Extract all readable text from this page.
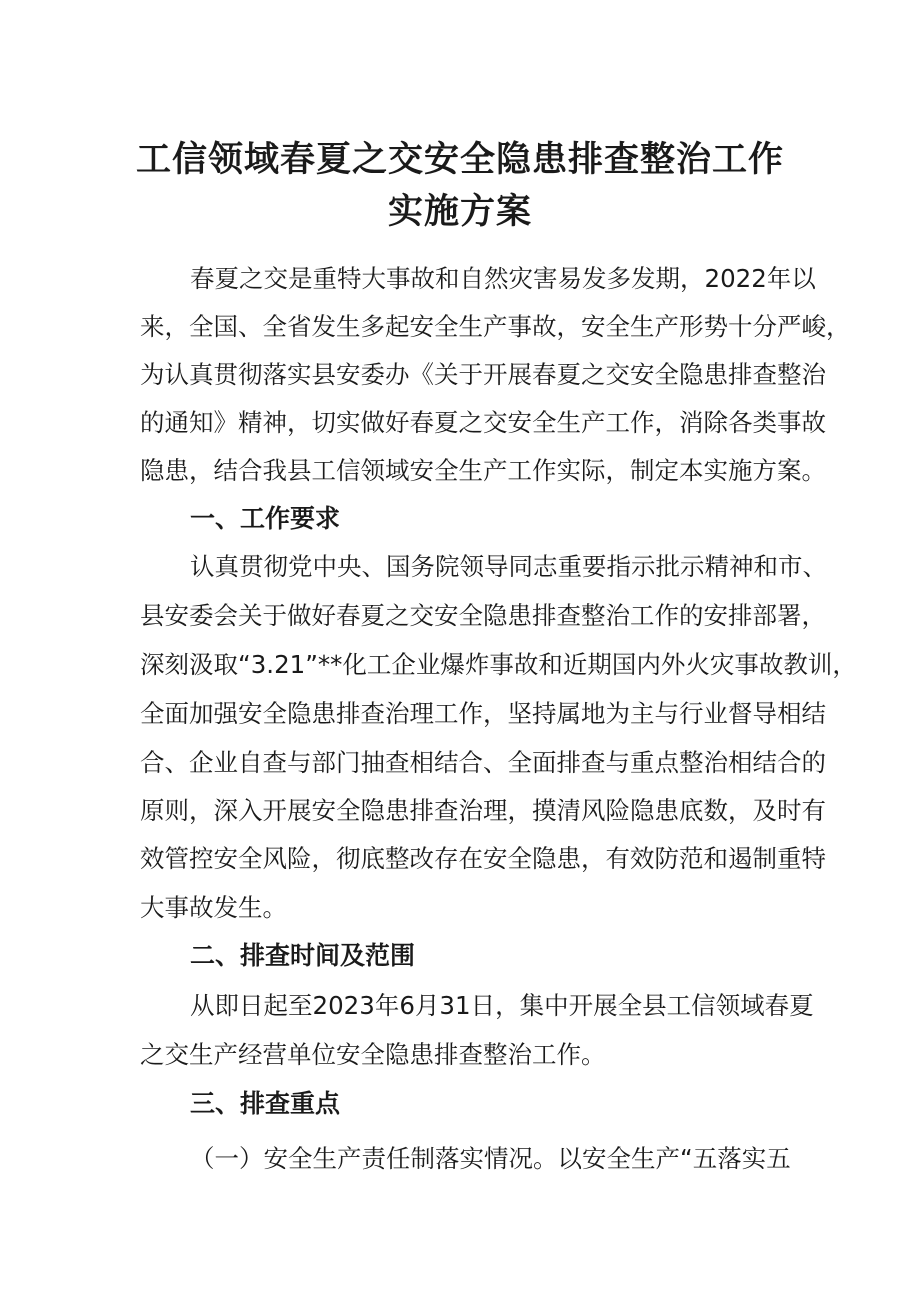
工信领域春夏之交安全隐患排查整治工作
实施方案
春夏之交是重特大事故和自然灾害易发多发期，2022年以
来，全国、全省发生多起安全生产事故，安全生产形势十分严峻，
为认真贯彻落实县安委办《关于开展春夏之交安全隐患排查整治
的通知》精神，切实做好春夏之交安全生产工作，消除各类事故
隐患，结合我县工信领域安全生产工作实际，制定本实施方案。
一、工作要求
认真贯彻党中央、国务院领导同志重要指示批示精神和市、
县安委会关于做好春夏之交安全隐患排查整治工作的安排部署，
深刻汲取“3.21”**化工企业爆炸事故和近期国内外火灾事故教训，
全面加强安全隐患排查治理工作，坚持属地为主与行业督导相结
合、企业自查与部门抽查相结合、全面排查与重点整治相结合的
原则，深入开展安全隐患排查治理，摸清风险隐患底数，及时有
效管控安全风险，彻底整改存在安全隐患，有效防范和遏制重特
大事故发生。
二、排查时间及范围
从即日起至2023年6月31日，集中开展全县工信领域春夏
之交生产经营单位安全隐患排查整治工作。
三、排查重点
（一）安全生产责任制落实情况。以安全生产“五落实五
